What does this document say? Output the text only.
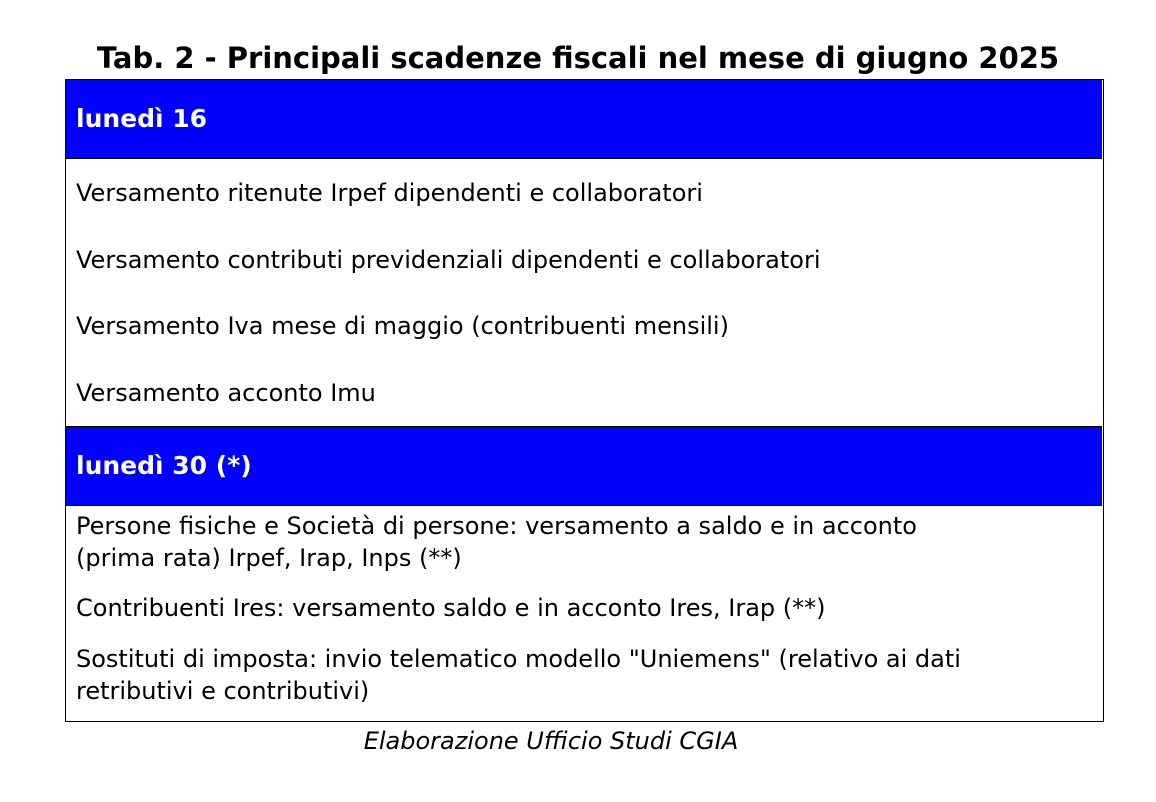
Tab. 2 - Principali scadenze fiscali nel mese di giugno 2025
lunedì 16
Versamento ritenute Irpef dipendenti e collaboratori
Versamento contributi previdenziali dipendenti e collaboratori
Versamento Iva mese di maggio (contribuenti mensili)
Versamento acconto Imu
lunedì 30 (*)
Persone fisiche e Società di persone: versamento a saldo e in acconto
(prima rata) Irpef, Irap, Inps (**)
Contribuenti Ires: versamento saldo e in acconto Ires, Irap (**)
Sostituti di imposta: invio telematico modello "Uniemens" (relativo ai dati
retributivi e contributivi)
Elaborazione Ufficio Studi CGIA
